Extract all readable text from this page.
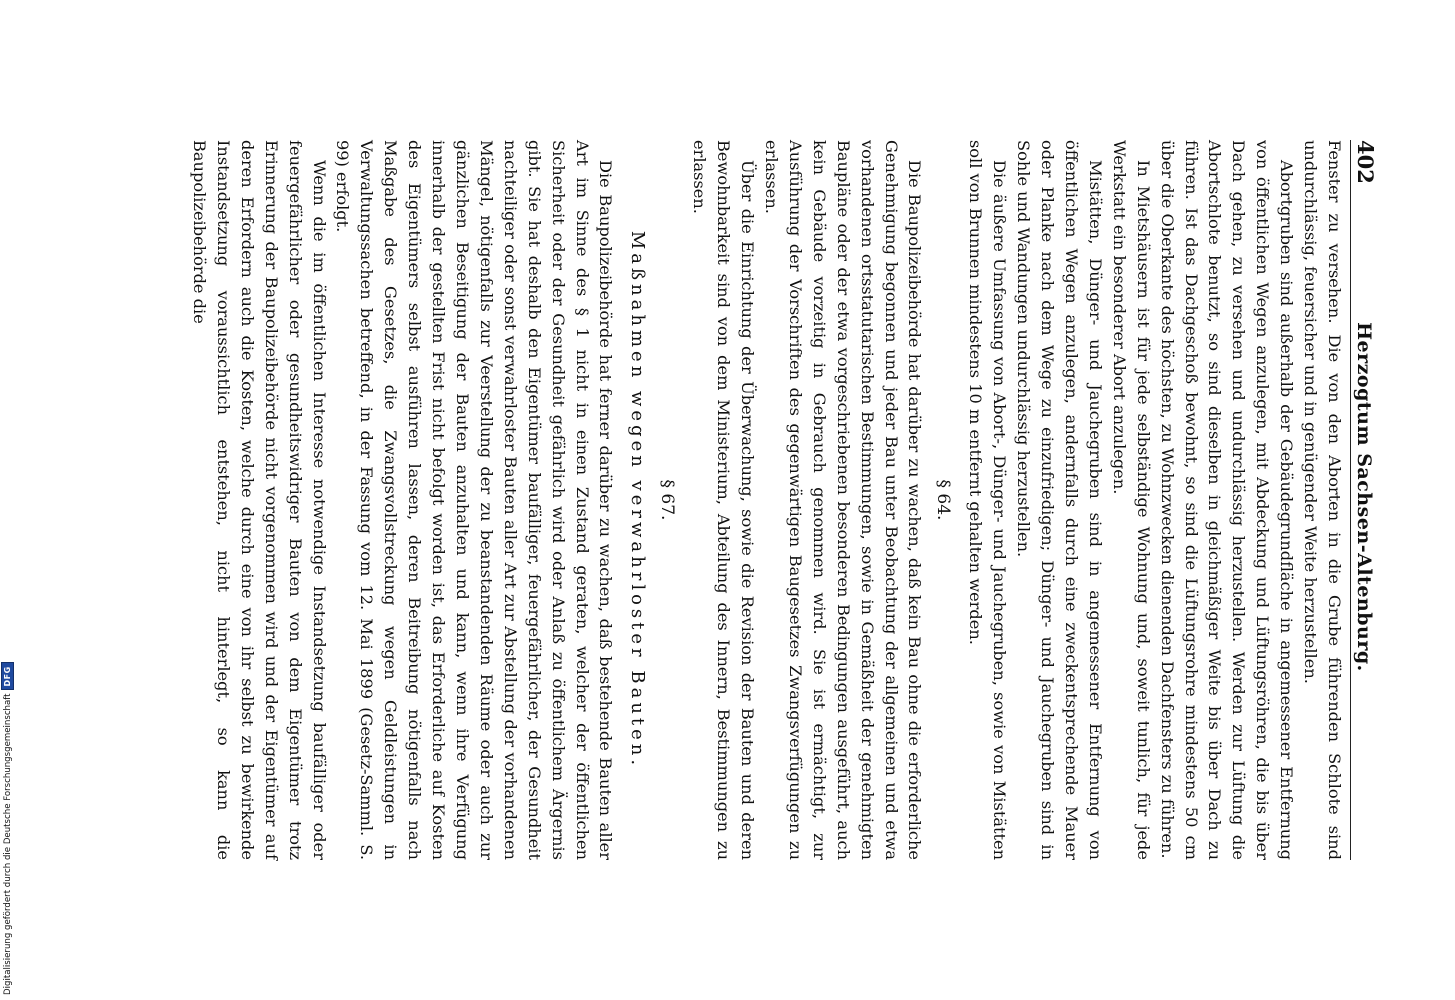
402
Herzogtum Sachsen-Altenburg.

Fenster zu versehen. Die von den Aborten in die Grube führenden Schlote sind undurchlässig, feuersicher und in genügender Weite herzustellen.

Abortgruben sind außerhalb der Gebäudegrundfläche in angemessener Entfernung von öffentlichen Wegen anzulegen, mit Abdeckung und Lüftungsröhren, die bis über Dach gehen, zu versehen und undurchlässig herzustellen. Werden zur Lüftung die Abortschlote benutzt, so sind dieselben in gleichmäßiger Weite bis über Dach zu führen. Ist das Dachgeschoß bewohnt, so sind die Lüftungsrohre mindestens 50 cm über die Oberkante des höchsten, zu Wohnzwecken dienenden Dachfensters zu führen.

In Mietshäusern ist für jede selbständige Wohnung und, soweit tunlich, für jede Werkstatt ein besonderer Abort anzulegen.

Mistätten, Dünger- und Jauchegruben sind in angemessener Entfernung von öffentlichen Wegen anzulegen, andernfalls durch eine zweckentsprechende Mauer oder Planke nach dem Wege zu einzufriedigen; Dünger- und Jauchegruben sind in Sohle und Wandungen undurchlässig herzustellen.

Die äußere Umfassung von Abort-, Dünger- und Jauchegruben, sowie von Mistätten soll von Brunnen mindestens 10 m entfernt gehalten werden.

§ 64.

Die Baupolizeibehörde hat darüber zu wachen, daß kein Bau ohne die erforderliche Genehmigung begonnen und jeder Bau unter Beobachtung der allgemeinen und etwa vorhandenen ortsstatutarischen Bestimmungen, sowie in Gemäßheit der genehmigten Baupläne oder der etwa vorgeschriebenen besonderen Bedingungen ausgeführt, auch kein Gebäude vorzeitig in Gebrauch genommen wird. Sie ist ermächtigt, zur Ausführung der Vorschriften des gegenwärtigen Baugesetzes Zwangsverfügungen zu erlassen.

Über die Einrichtung der Überwachung, sowie die Revision der Bauten und deren Bewohnbarkeit sind von dem Ministerium, Abteilung des Innern, Bestimmungen zu erlassen.

§ 67.
Maßnahmen wegen verwahrloster Bauten.

Die Baupolizeibehörde hat ferner darüber zu wachen, daß bestehende Bauten aller Art im Sinne des § 1 nicht in einen Zustand geraten, welcher der öffentlichen Sicherheit oder der Gesundheit gefährlich wird oder Anlaß zu öffentlichem Ärgernis gibt. Sie hat deshalb den Eigentümer baufälliger, feuergefährlicher, der Gesundheit nachteiliger oder sonst verwahrloster Bauten aller Art zur Abstellung der vorhandenen Mängel, nötigenfalls zur Veerstellung der zu beanstandenden Räume oder auch zur gänzlichen Beseitigung der Bauten anzuhalten und kann, wenn ihre Verfügung innerhalb der gestellten Frist nicht befolgt worden ist, das Erforderliche auf Kosten des Eigentümers selbst ausführen lassen, deren Beitreibung nötigenfalls nach Maßgabe des Gesetzes, die Zwangsvollstreckung wegen Geldleistungen in Verwaltungssachen betreffend, in der Fassung vom 12. Mai 1899 (Gesetz-Samml. S. 99) erfolgt.

Wenn die im öffentlichen Interesse notwendige Instandsetzung baufälliger oder feuergefährlicher oder gesundheitswidriger Bauten von dem Eigentümer trotz Erinnerung der Baupolizeibehörde nicht vorgenommen wird und der Eigentümer auf deren Erfordern auch die Kosten, welche durch eine von ihr selbst zu bewirkende Instandsetzung voraussichtlich entstehen, nicht hinterlegt, so kann die Baupolizeibehörde die

Digitalisierung gefördert durch die Deutsche Forschungsgemeinschaft
DFG
